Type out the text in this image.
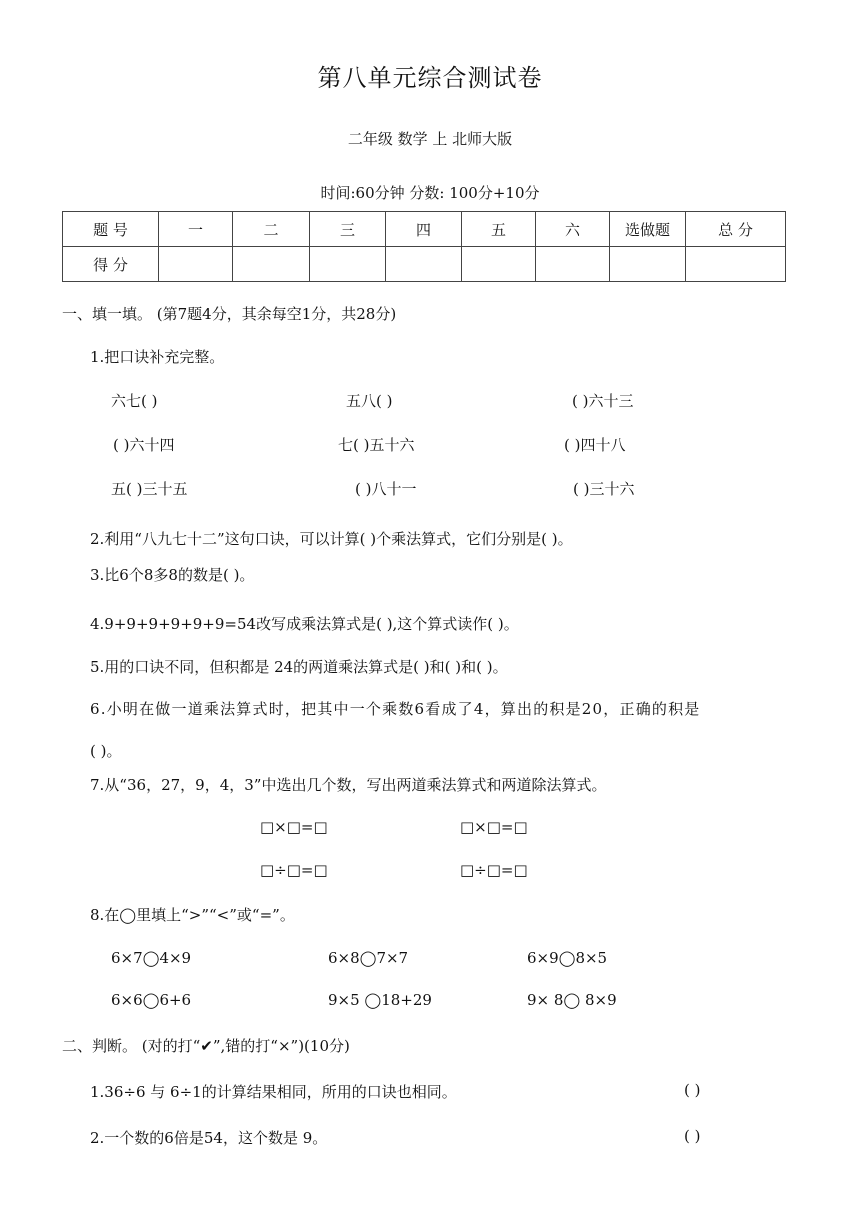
第八单元综合测试卷
二年级 数学 上 北师大版
时间:60分钟 分数: 100分+10分
题 号	一	二	三	四	五	六	选做题	总 分
得 分								
一、填一填。 (第7题4分，其余每空1分，共28分)
1.把口诀补充完整。
六七( )	五八( )	( )六十三
( )六十四	七( )五十六	( )四十八
五( )三十五	( )八十一	( )三十六
2.利用“八九七十二”这句口诀，可以计算( )个乘法算式，它们分别是( )。
3.比6个8多8的数是( )。
4.9+9+9+9+9+9=54改写成乘法算式是( ),这个算式读作( )。
5.用的口诀不同，但积都是 24的两道乘法算式是( )和( )和( )。
6.小明在做一道乘法算式时，把其中一个乘数6看成了4，算出的积是20，正确的积是
( )。
7.从“36，27，9，4，3”中选出几个数，写出两道乘法算式和两道除法算式。
□×□=□	□×□=□
□÷□=□	□÷□=□
8.在◯里填上“>”“<”或“=”。
6×7◯4×9	6×8◯7×7	6×9◯8×5
6×6◯6+6	9×5 ◯18+29	9× 8◯ 8×9
二、判断。 (对的打“✔”,错的打“×”)(10分)
1.36÷6 与 6÷1的计算结果相同，所用的口诀也相同。	( )
2.一个数的6倍是54，这个数是 9。	( )
